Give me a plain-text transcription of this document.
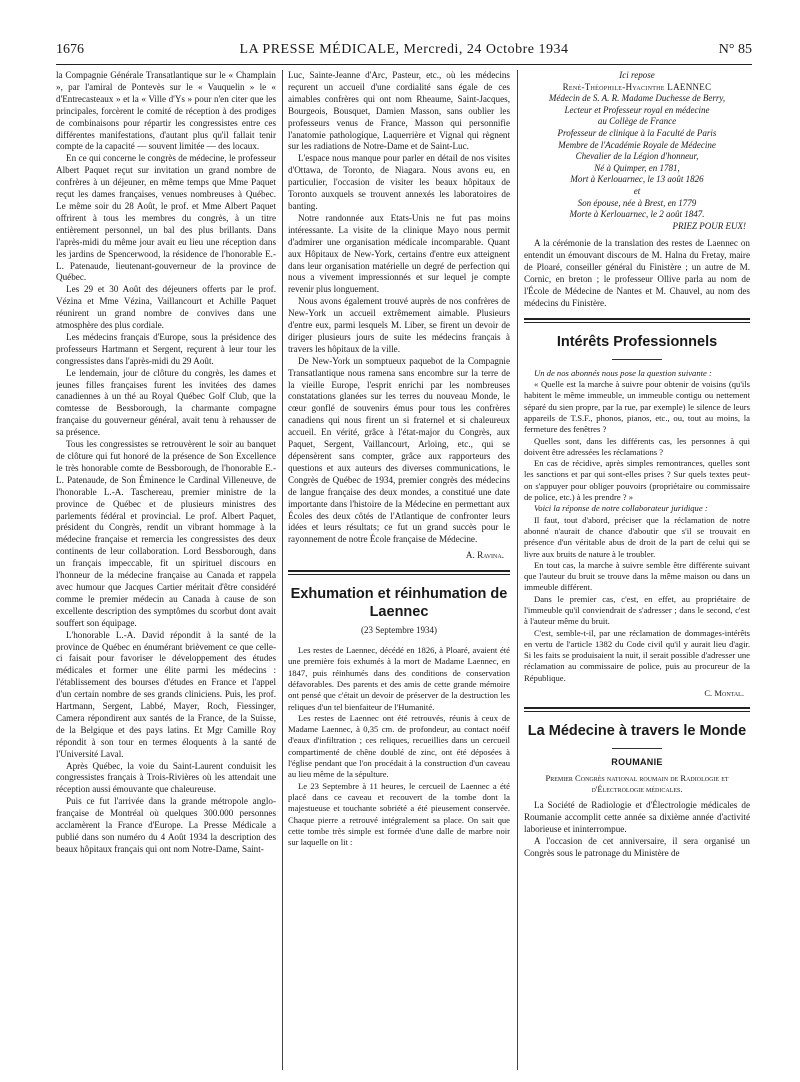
1676	LA PRESSE MÉDICALE, Mercredi, 24 Octobre 1934	N° 85

la Compagnie Générale Transatlantique sur le « Champlain », par l'amiral de Pontevès sur le « Vauquelin » le « d'Entrecasteaux » et la « Ville d'Ys » pour n'en citer que les principales, forcèrent le comité de réception à des prodiges de combinaisons pour répartir les congressistes entre ces différentes manifestations, d'autant plus qu'il fallait tenir compte de la capacité — souvent limitée — des locaux.

En ce qui concerne le congrès de médecine, le professeur Albert Paquet reçut sur invitation un grand nombre de confrères à un déjeuner, en même temps que Mme Paquet reçut les dames françaises, venues nombreuses à Québec. Le même soir du 28 Août, le prof. et Mme Albert Paquet offrirent à tous les membres du congrès, à un titre entièrement personnel, un bal des plus brillants. Dans l'après-midi du même jour avait eu lieu une réception dans les jardins de Spencerwood, la résidence de l'honorable E.-L. Patenaude, lieutenant-gouverneur de la province de Québec.

Les 29 et 30 Août des déjeuners offerts par le prof. Vézina et Mme Vézina, Vaillancourt et Achille Paquet réunirent un grand nombre de convives dans une atmosphère des plus cordiale.

Les médecins français d'Europe, sous la présidence des professeurs Hartmann et Sergent, reçurent à leur tour les congressistes dans l'après-midi du 29 Août.

Le lendemain, jour de clôture du congrès, les dames et jeunes filles françaises furent les invitées des dames canadiennes à un thé au Royal Québec Golf Club, que la comtesse de Bessborough, la charmante compagne française du gouverneur général, avait tenu à rehausser de sa présence.

Tous les congressistes se retrouvèrent le soir au banquet de clôture qui fut honoré de la présence de Son Excellence le très honorable comte de Bessborough, de l'honorable E.-L. Patenaude, de Son Éminence le Cardinal Villeneuve, de l'honorable L.-A. Taschereau, premier ministre de la province de Québec et de plusieurs ministres des parlements fédéral et provincial. Le prof. Albert Paquet, président du Congrès, rendit un vibrant hommage à la médecine française et remercia les congressistes des deux continents de leur collaboration. Lord Bessborough, dans un français impeccable, fit un spirituel discours en l'honneur de la médecine française au Canada et rappela avec humour que Jacques Cartier méritait d'être considéré comme le premier médecin au Canada à cause de son excellente description des symptômes du scorbut dont avait souffert son équipage.

L'honorable L.-A. David répondit à la santé de la province de Québec en énumérant brièvement ce que celle-ci faisait pour favoriser le développement des études médicales et former une élite parmi les médecins : l'établissement des bourses d'études en France et l'appel d'un certain nombre de ses grands cliniciens. Puis, les prof. Hartmann, Sergent, Labbé, Mayer, Roch, Fiessinger, Camera répondirent aux santés de la France, de la Suisse, de la Belgique et des pays latins. Et Mgr Camille Roy répondit à son tour en termes éloquents à la santé de l'Université Laval.

Après Québec, la voie du Saint-Laurent conduisit les congressistes français à Trois-Rivières où les attendait une réception aussi émouvante que chaleureuse.

Puis ce fut l'arrivée dans la grande métropole anglo-française de Montréal où quelques 300.000 personnes acclamèrent la France d'Europe. La Presse Médicale a publié dans son numéro du 4 Août 1934 la description des beaux hôpitaux français qui ont nom Notre-Dame, Saint-

Luc, Sainte-Jeanne d'Arc, Pasteur, etc., où les médecins reçurent un accueil d'une cordialité sans égale de ces aimables confrères qui ont nom Rheaume, Saint-Jacques, Bourgeois, Bousquet, Damien Masson, sans oublier les professeurs venus de France, Masson qui personnifie l'anatomie pathologique, Laquerrière et Vignal qui règnent sur les radiations de Notre-Dame et de Saint-Luc.

L'espace nous manque pour parler en détail de nos visites d'Ottawa, de Toronto, de Niagara. Nous avons eu, en particulier, l'occasion de visiter les beaux hôpitaux de Toronto auxquels se trouvent annexés les laboratoires de banting.

Notre randonnée aux Etats-Unis ne fut pas moins intéressante. La visite de la clinique Mayo nous permit d'admirer une organisation médicale incomparable. Quant aux Hôpitaux de New-York, certains d'entre eux atteignent dans leur organisation matérielle un degré de perfection qui nous a vivement impressionnés et sur lequel je compte revenir plus longuement.

Nous avons également trouvé auprès de nos confrères de New-York un accueil extrêmement aimable. Plusieurs d'entre eux, parmi lesquels M. Liber, se firent un devoir de diriger plusieurs jours de suite les médecins français à travers les hôpitaux de la ville.

De New-York un somptueux paquebot de la Compagnie Transatlantique nous ramena sans encombre sur la terre de la vieille Europe, l'esprit enrichi par les nombreuses constatations glanées sur les terres du nouveau Monde, le cœur gonflé de souvenirs émus pour tous les confrères canadiens qui nous firent un si fraternel et si chaleureux accueil. En vérité, grâce à l'état-major du Congrès, aux Paquet, Sergent, Vaillancourt, Arloing, etc., qui se dépensèrent sans compter, grâce aux rapporteurs des questions et aux auteurs des diverses communications, le Congrès de Québec de 1934, premier congrès des médecins de langue française des deux mondes, a constitué une date importante dans l'histoire de la Médecine en permettant aux Écoles des deux côtés de l'Atlantique de confronter leurs idées et leurs résultats; ce fut un grand succès pour le rayonnement de notre École française de Médecine.

A. Ravina.

Exhumation et réinhumation de Laennec
(23 Septembre 1934)

Les restes de Laennec, décédé en 1826, à Ploaré, avaient été une première fois exhumés à la mort de Madame Laennec, en 1847, puis réinhumés dans des conditions de conservation défavorables. Des parents et des amis de cette grande mémoire ont pensé que c'était un devoir de préserver de la destruction les reliques d'un tel bienfaiteur de l'Humanité.

Les restes de Laennec ont été retrouvés, réunis à ceux de Madame Laennec, à 0,35 cm. de profondeur, au contact noéif d'eaux d'infiltration ; ces reliques, recueillies dans un cercueil compartimenté de chêne doublé de zinc, ont été déposées à l'église pendant que l'on procédait à la construction d'un caveau au lieu même de la sépulture.

Le 23 Septembre à 11 heures, le cercueil de Laennec a été placé dans ce caveau et recouvert de la tombe dont la majestueuse et touchante sobriété a été pieusement conservée. Chaque pierre a retrouvé intégralement sa place. On sait que cette tombe très simple est formée d'une dalle de marbre noir sur laquelle on lit :

Ici repose
René-Théophile-Hyacinthe LAENNEC
Médecin de S. A. R. Madame Duchesse de Berry,
Lecteur et Professeur royal en médecine
au Collège de France
Professeur de clinique à la Faculté de Paris
Membre de l'Académie Royale de Médecine
Chevalier de la Légion d'honneur,
Né à Quimper, en 1781,
Mort à Kerlouarnec, le 13 août 1826
et
Son épouse, née à Brest, en 1779
Morte à Kerlouarnec, le 2 août 1847.
PRIEZ POUR EUX!

A la cérémonie de la translation des restes de Laennec on entendit un émouvant discours de M. Halna du Fretay, maire de Ploaré, conseiller général du Finistère ; un autre de M. Cornic, en breton ; le professeur Ollive parla au nom de l'École de Médecine de Nantes et M. Chauvel, au nom des médecins du Finistère.

Intérêts Professionnels

Un de nos abonnés nous pose la question suivante :

« Quelle est la marche à suivre pour obtenir de voisins (qu'ils habitent le même immeuble, un immeuble contigu ou nettement séparé du sien propre, par la rue, par exemple) le silence de leurs appareils de T.S.F., phonos, pianos, etc., ou, tout au moins, la fermeture des fenêtres ?

Quelles sont, dans les différents cas, les personnes à qui doivent être adressées les réclamations ?

En cas de récidive, après simples remontrances, quelles sont les sanctions et par qui sont-elles prises ? Sur quels textes peut-on s'appuyer pour obliger pouvoirs (propriétaire ou commissaire de police, etc.) à les prendre ? »

Voici la réponse de notre collaborateur juridique :

Il faut, tout d'abord, préciser que la réclamation de notre abonné n'aurait de chance d'aboutir que s'il se trouvait en présence d'un véritable abus de droit de la part de celui qui se livre aux bruits de nature à le troubler.

En tout cas, la marche à suivre semble être différente suivant que l'auteur du bruit se trouve dans la même maison ou dans un immeuble différent.

Dans le premier cas, c'est, en effet, au propriétaire de l'immeuble qu'il conviendrait de s'adresser ; dans le second, c'est à l'auteur même du bruit.

C'est, semble-t-il, par une réclamation de dommages-intérêts en vertu de l'article 1382 du Code civil qu'il y aurait lieu d'agir. Si les faits se produisaient la nuit, il serait possible d'adresser une réclamation au commissaire de police, puis au procureur de la République.

C. Montal.

La Médecine à travers le Monde
ROUMANIE
Premier Congrès national roumain de Radiologie et d'Électrologie médicales.

La Société de Radiologie et d'Électrologie médicales de Roumanie accomplit cette année sa dixième année d'activité laborieuse et ininterrompue.

A l'occasion de cet anniversaire, il sera organisé un Congrès sous le patronage du Ministère de
